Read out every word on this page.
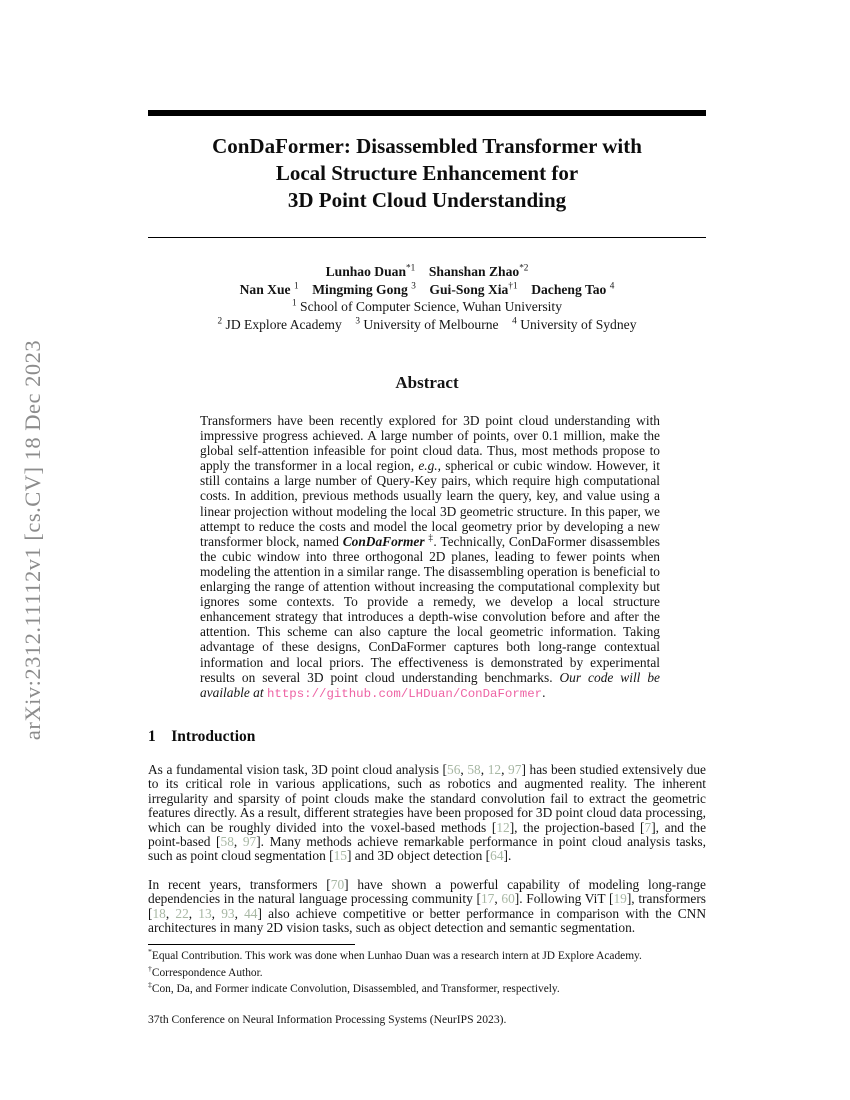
arXiv:2312.11112v1 [cs.CV] 18 Dec 2023
ConDaFormer: Disassembled Transformer with
Local Structure Enhancement for
3D Point Cloud Understanding
Lunhao Duan$^{*1}$  Shanshan Zhao$^{*2}$
Nan Xue $^1$  Mingming Gong $^3$  Gui-Song Xia$^{\dagger 1}$  Dacheng Tao $^4$
$^1$ School of Computer Science, Wuhan University
$^2$ JD Explore Academy $^3$ University of Melbourne $^4$ University of Sydney
Abstract
Transformers have been recently explored for 3D point cloud understanding with impressive progress achieved. A large number of points, over 0.1 million, make the global self-attention infeasible for point cloud data. Thus, most methods propose to apply the transformer in a local region, e.g., spherical or cubic window. However, it still contains a large number of Query-Key pairs, which require high computational costs. In addition, previous methods usually learn the query, key, and value using a linear projection without modeling the local 3D geometric structure. In this paper, we attempt to reduce the costs and model the local geometry prior by developing a new transformer block, named ConDaFormer ‡. Technically, ConDaFormer disassembles the cubic window into three orthogonal 2D planes, leading to fewer points when modeling the attention in a similar range. The disassembling operation is beneficial to enlarging the range of attention without increasing the computational complexity but ignores some contexts. To provide a remedy, we develop a local structure enhancement strategy that introduces a depth-wise convolution before and after the attention. This scheme can also capture the local geometric information. Taking advantage of these designs, ConDaFormer captures both long-range contextual information and local priors. The effectiveness is demonstrated by experimental results on several 3D point cloud understanding benchmarks. Our code will be available at https://github.com/LHDuan/ConDaFormer.
1 Introduction
As a fundamental vision task, 3D point cloud analysis [56, 58, 12, 97] has been studied extensively due to its critical role in various applications, such as robotics and augmented reality. The inherent irregularity and sparsity of point clouds make the standard convolution fail to extract the geometric features directly. As a result, different strategies have been proposed for 3D point cloud data processing, which can be roughly divided into the voxel-based methods [12], the projection-based [7], and the point-based [58, 97]. Many methods achieve remarkable performance in point cloud analysis tasks, such as point cloud segmentation [15] and 3D object detection [64].
In recent years, transformers [70] have shown a powerful capability of modeling long-range dependencies in the natural language processing community [17, 60]. Following ViT [19], transformers [18, 22, 13, 93, 44] also achieve competitive or better performance in comparison with the CNN architectures in many 2D vision tasks, such as object detection and semantic segmentation.
*Equal Contribution. This work was done when Lunhao Duan was a research intern at JD Explore Academy.
†Correspondence Author.
‡Con, Da, and Former indicate Convolution, Disassembled, and Transformer, respectively.
37th Conference on Neural Information Processing Systems (NeurIPS 2023).
